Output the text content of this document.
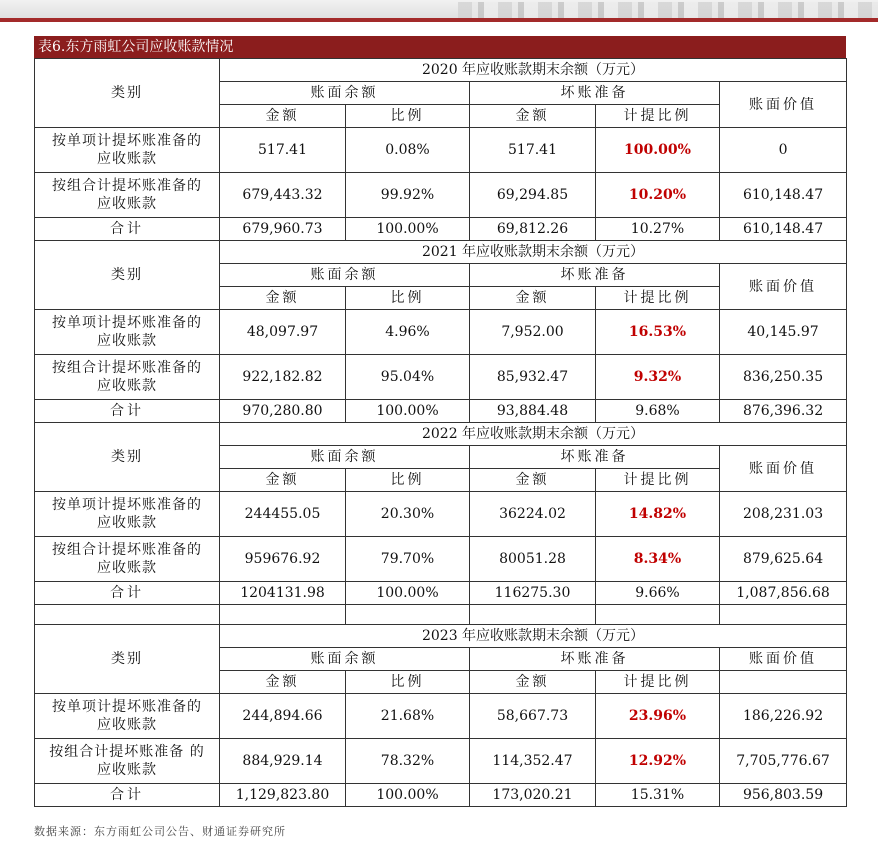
表6.东方雨虹公司应收账款情况
类别	2020 年应收账款期末余额（万元）				
	账面余额		坏账准备		账面价值
	金额	比例	金额	计提比例	
按单项计提坏账准备的
应收账款	517.41	0.08%	517.41	100.00%	0
按组合计提坏账准备的
应收账款	679,443.32	99.92%	69,294.85	10.20%	610,148.47
合计	679,960.73	100.00%	69,812.26	10.27%	610,148.47
类别	2021 年应收账款期末余额（万元）				
	账面余额		坏账准备		账面价值
	金额	比例	金额	计提比例	
按单项计提坏账准备的
应收账款	48,097.97	4.96%	7,952.00	16.53%	40,145.97
按组合计提坏账准备的
应收账款	922,182.82	95.04%	85,932.47	9.32%	836,250.35
合计	970,280.80	100.00%	93,884.48	9.68%	876,396.32
类别	2022 年应收账款期末余额（万元）				
	账面余额		坏账准备		账面价值
	金额	比例	金额	计提比例	
按单项计提坏账准备的
应收账款	244455.05	20.30%	36224.02	14.82%	208,231.03
按组合计提坏账准备的
应收账款	959676.92	79.70%	80051.28	8.34%	879,625.64
合计	1204131.98	100.00%	116275.30	9.66%	1,087,856.68

类别	2023 年应收账款期末余额（万元）				
	账面余额		坏账准备		账面价值
	金额	比例	金额	计提比例	
按单项计提坏账准备的
应收账款	244,894.66	21.68%	58,667.73	23.96%	186,226.92
按组合计提坏账准备 的
应收账款	884,929.14	78.32%	114,352.47	12.92%	7,705,776.67
合计	1,129,823.80	100.00%	173,020.21	15.31%	956,803.59
数据来源：东方雨虹公司公告、财通证券研究所
